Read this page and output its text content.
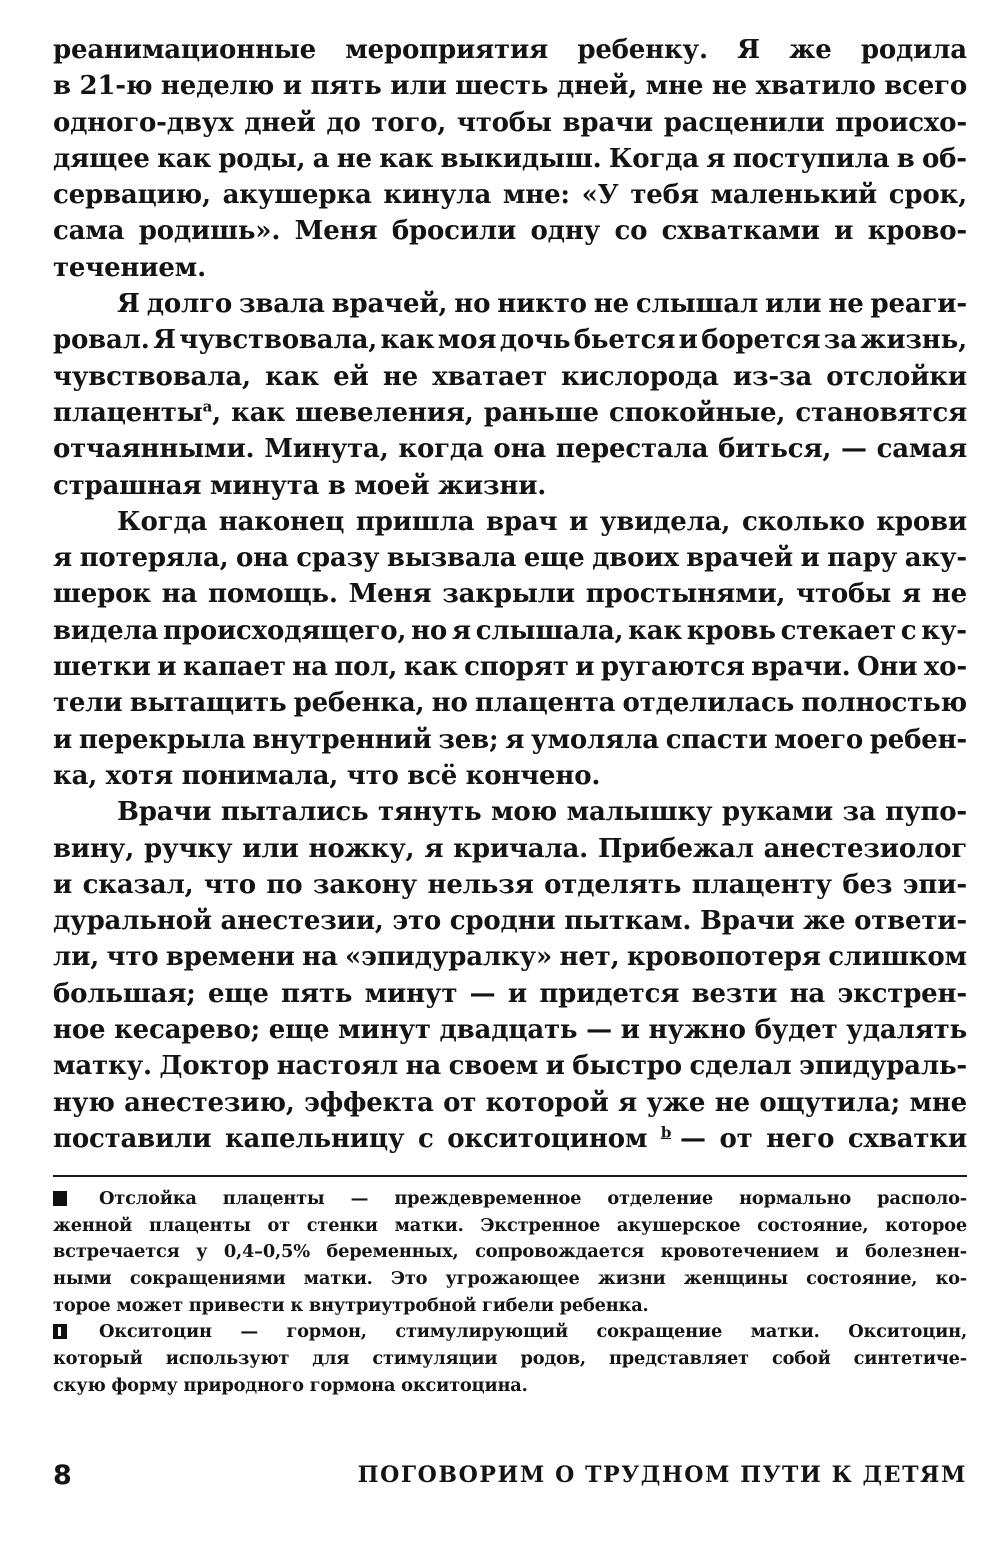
реанимационные мероприятия ребенку. Я же родила
в 21-ю неделю и пять или шесть дней, мне не хватило всего
одного-двух дней до того, чтобы врачи расценили происхо-
дящее как роды, а не как выкидыш. Когда я поступила в об-
сервацию, акушерка кинула мне: «У тебя маленький срок,
сама родишь». Меня бросили одну со схватками и крово-
течением.
Я долго звала врачей, но никто не слышал или не реаги-
ровал. Я чувствовала, как моя дочь бьется и борется за жизнь,
чувствовала, как ей не хватает кислорода из-за отслойки
плаценты$^a$, как шевеления, раньше спокойные, становятся
отчаянными. Минута, когда она перестала биться, — самая
страшная минута в моей жизни.
Когда наконец пришла врач и увидела, сколько крови
я потеряла, она сразу вызвала еще двоих врачей и пару аку-
шерок на помощь. Меня закрыли простынями, чтобы я не
видела происходящего, но я слышала, как кровь стекает с ку-
шетки и капает на пол, как спорят и ругаются врачи. Они хо-
тели вытащить ребенка, но плацента отделилась полностью
и перекрыла внутренний зев; я умоляла спасти моего ребен-
ка, хотя понимала, что всё кончено.
Врачи пытались тянуть мою малышку руками за пупо-
вину, ручку или ножку, я кричала. Прибежал анестезиолог
и сказал, что по закону нельзя отделять плаценту без эпи-
дуральной анестезии, это сродни пыткам. Врачи же ответи-
ли, что времени на «эпидуралку» нет, кровопотеря слишком
большая; еще пять минут — и придется везти на экстрен-
ное кесарево; еще минут двадцать — и нужно будет удалять
матку. Доктор настоял на своем и быстро сделал эпидураль-
ную анестезию, эффекта от которой я уже не ощутила; мне
поставили капельницу с окситоцином $^b$ — от него схватки
Отслойка плаценты — преждевременное отделение нормально располо-
женной плаценты от стенки матки. Экстренное акушерское состояние, которое
встречается у 0,4–0,5% беременных, сопровождается кровотечением и болезнен-
ными сокращениями матки. Это угрожающее жизни женщины состояние, ко-
торое может привести к внутриутробной гибели ребенка.
Окситоцин — гормон, стимулирующий сокращение матки. Окситоцин,
который используют для стимуляции родов, представляет собой синтетиче-
скую форму природного гормона окситоцина.
8	ПОГОВОРИМ О ТРУДНОМ ПУТИ К ДЕТЯМ
